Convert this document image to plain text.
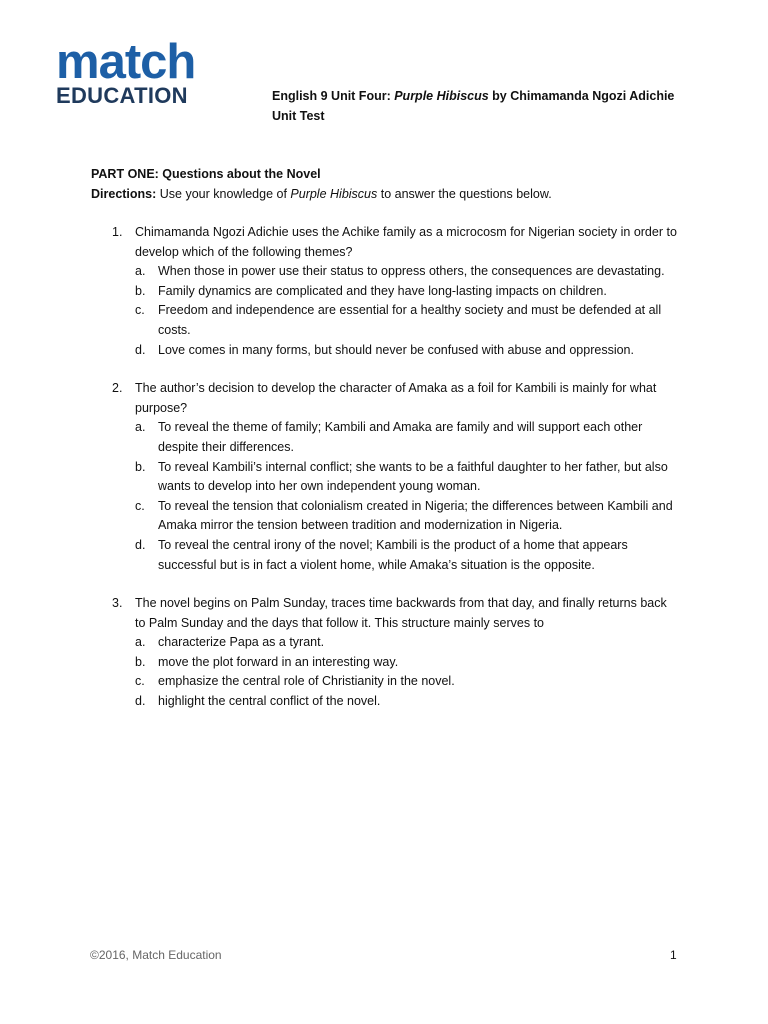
match
EDUCATION	English 9 Unit Four: Purple Hibiscus by Chimamanda Ngozi Adichie
Unit Test
PART ONE: Questions about the Novel
Directions: Use your knowledge of Purple Hibiscus to answer the questions below.
1.	Chimamanda Ngozi Adichie uses the Achike family as a microcosm for Nigerian society in order to develop which of the following themes?
a.	When those in power use their status to oppress others, the consequences are devastating.
b.	Family dynamics are complicated and they have long-lasting impacts on children.
c.	Freedom and independence are essential for a healthy society and must be defended at all costs.
d.	Love comes in many forms, but should never be confused with abuse and oppression.
2.	The author’s decision to develop the character of Amaka as a foil for Kambili is mainly for what purpose?
a.	To reveal the theme of family; Kambili and Amaka are family and will support each other despite their differences.
b.	To reveal Kambili’s internal conflict; she wants to be a faithful daughter to her father, but also wants to develop into her own independent young woman.
c.	To reveal the tension that colonialism created in Nigeria; the differences between Kambili and Amaka mirror the tension between tradition and modernization in Nigeria.
d.	To reveal the central irony of the novel; Kambili is the product of a home that appears successful but is in fact a violent home, while Amaka’s situation is the opposite.
3.	The novel begins on Palm Sunday, traces time backwards from that day, and finally returns back to Palm Sunday and the days that follow it. This structure mainly serves to
a.	characterize Papa as a tyrant.
b.	move the plot forward in an interesting way.
c.	emphasize the central role of Christianity in the novel.
d.	highlight the central conflict of the novel.
©2016, Match Education	1
